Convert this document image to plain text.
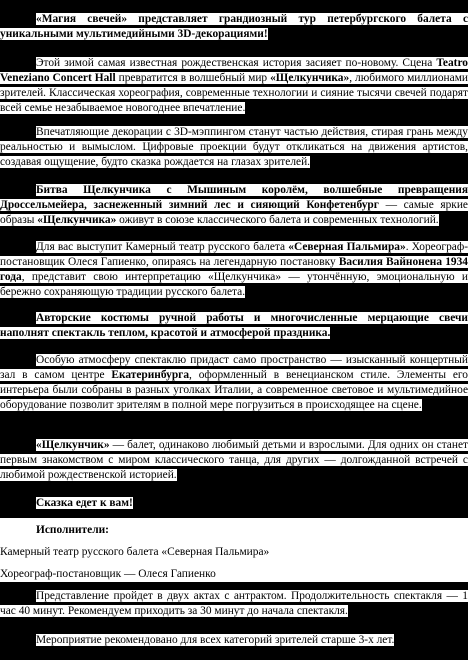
«Магия свечей» представляет грандиозный тур петербургского балета с уникальными мультимедийными 3D-декорациями!

Этой зимой самая известная рождественская история засияет по-новому. Сцена Teatro Veneziano Concert Hall превратится в волшебный мир «Щелкунчика», любимого миллионами зрителей. Классическая хореография, современные технологии и сияние тысячи свечей подарят всей семье незабываемое новогоднее впечатление.

Впечатляющие декорации с 3D-мэппингом станут частью действия, стирая грань между реальностью и вымыслом. Цифровые проекции будут откликаться на движения артистов, создавая ощущение, будто сказка рождается на глазах зрителей.

Битва Щелкунчика с Мышиным королём, волшебные превращения Дроссельмейера, заснеженный зимний лес и сияющий Конфетенбург — самые яркие образы «Щелкунчика» оживут в союзе классического балета и современных технологий.

Для вас выступит Камерный театр русского балета «Северная Пальмира». Хореограф-постановщик Олеся Гапиенко, опираясь на легендарную постановку Василия Вайнонена 1934 года, представит свою интерпретацию «Щелкунчика» — утончённую, эмоциональную и бережно сохраняющую традиции русского балета.

Авторские костюмы ручной работы и многочисленные мерцающие свечи наполнят спектакль теплом, красотой и атмосферой праздника.

Особую атмосферу спектаклю придаст само пространство — изысканный концертный зал в самом центре Екатеринбурга, оформленный в венецианском стиле. Элементы его интерьера были собраны в разных уголках Италии, а современное световое и мультимедийное оборудование позволит зрителям в полной мере погрузиться в происходящее на сцене.

«Щелкунчик» — балет, одинаково любимый детьми и взрослыми. Для одних он станет первым знакомством с миром классического танца, для других — долгожданной встречей с любимой рождественской историей.

Сказка едет к вам!

Исполнители:

Камерный театр русского балета «Северная Пальмира»

Хореограф-постановщик — Олеся Гапиенко

Представление пройдет в двух актах с антрактом. Продолжительность спектакля — 1 час 40 минут. Рекомендуем приходить за 30 минут до начала спектакля.

Мероприятие рекомендовано для всех категорий зрителей старше 3-х лет.
